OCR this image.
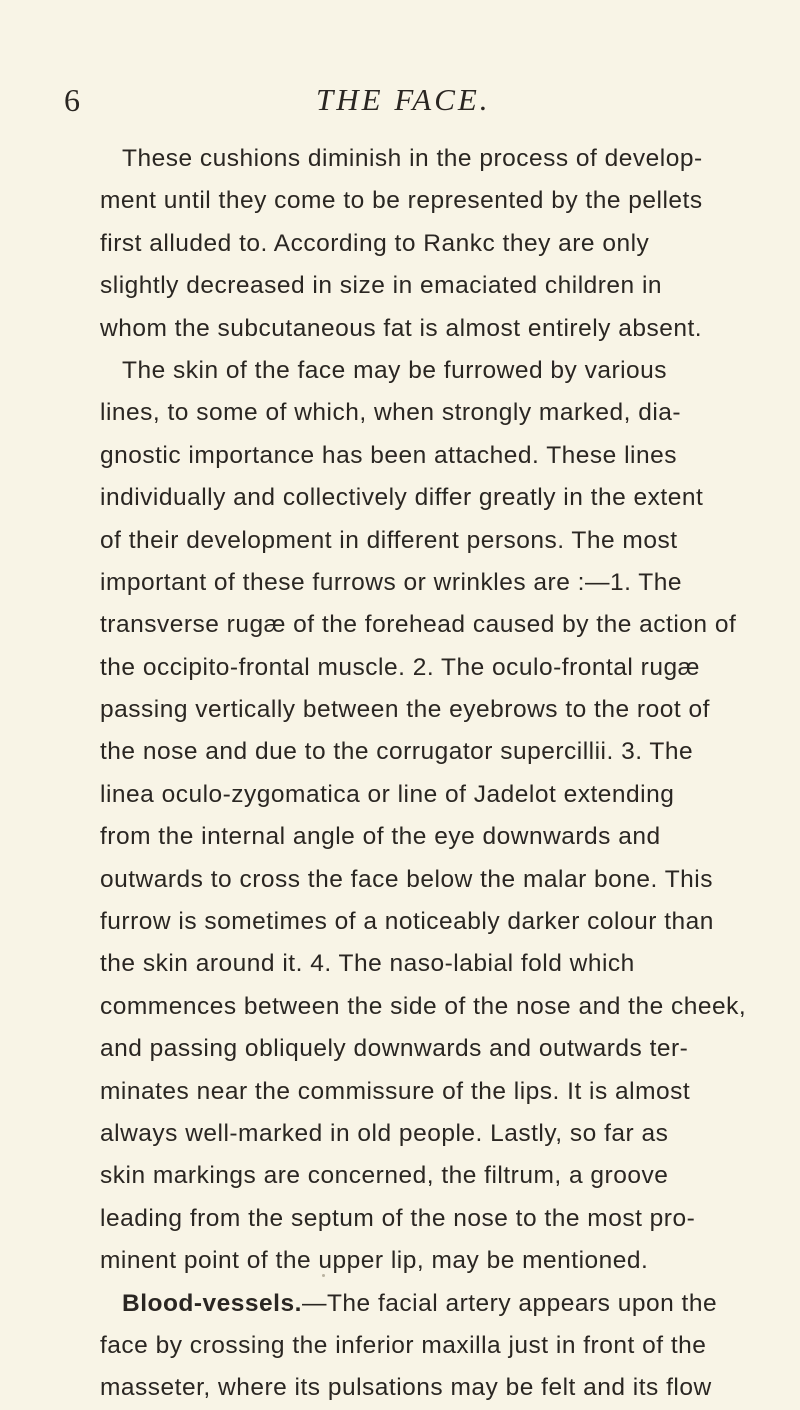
6	THE FACE.
These cushions diminish in the process of develop-
ment until they come to be represented by the pellets
first alluded to. According to Rankc they are only
slightly decreased in size in emaciated children in
whom the subcutaneous fat is almost entirely absent.
The skin of the face may be furrowed by various
lines, to some of which, when strongly marked, dia-
gnostic importance has been attached. These lines
individually and collectively differ greatly in the extent
of their development in different persons. The most
important of these furrows or wrinkles are :—1. The
transverse rugæ of the forehead caused by the action of
the occipito-frontal muscle. 2. The oculo-frontal rugæ
passing vertically between the eyebrows to the root of
the nose and due to the corrugator supercillii. 3. The
linea oculo-zygomatica or line of Jadelot extending
from the internal angle of the eye downwards and
outwards to cross the face below the malar bone. This
furrow is sometimes of a noticeably darker colour than
the skin around it. 4. The naso-labial fold which
commences between the side of the nose and the cheek,
and passing obliquely downwards and outwards ter-
minates near the commissure of the lips. It is almost
always well-marked in old people. Lastly, so far as
skin markings are concerned, the filtrum, a groove
leading from the septum of the nose to the most pro-
minent point of the upper lip, may be mentioned.
Blood-vessels.—The facial artery appears upon the
face by crossing the inferior maxilla just in front of the
masseter, where its pulsations may be felt and its flow
